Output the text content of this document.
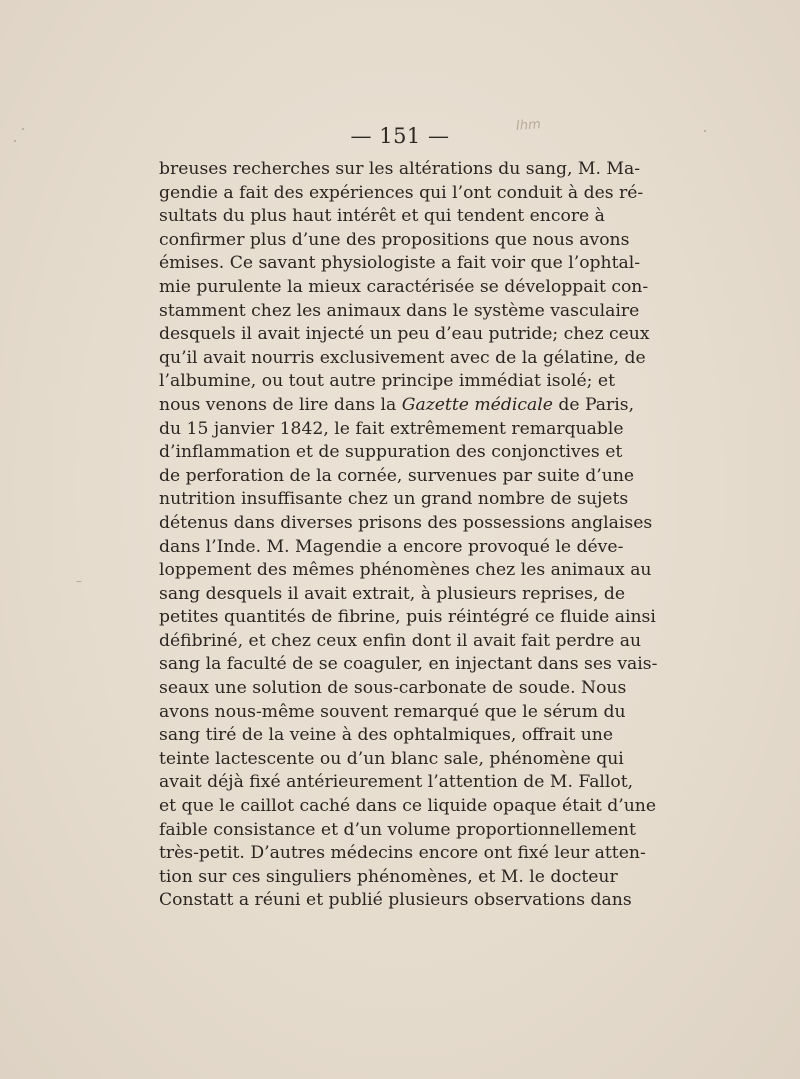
— 151 —	Ihm
breuses recherches sur les altérations du sang, M. Ma-
gendie a fait des expériences qui l’ont conduit à des ré-
sultats du plus haut intérêt et qui tendent encore à
confirmer plus d’une des propositions que nous avons
émises. Ce savant physiologiste a fait voir que l’ophtal-
mie purulente la mieux caractérisée se développait con-
stamment chez les animaux dans le système vasculaire
desquels il avait injecté un peu d’eau putride; chez ceux
qu’il avait nourris exclusivement avec de la gélatine, de
l’albumine, ou tout autre principe immédiat isolé; et
nous venons de lire dans la Gazette médicale de Paris,
du 15 janvier 1842, le fait extrêmement remarquable
d’inflammation et de suppuration des conjonctives et
de perforation de la cornée, survenues par suite d’une
nutrition insuffisante chez un grand nombre de sujets
détenus dans diverses prisons des possessions anglaises
dans l’Inde. M. Magendie a encore provoqué le déve-
loppement des mêmes phénomènes chez les animaux au
sang desquels il avait extrait, à plusieurs reprises, de
petites quantités de fibrine, puis réintégré ce fluide ainsi
défibriné, et chez ceux enfin dont il avait fait perdre au
sang la faculté de se coaguler, en injectant dans ses vais-
seaux une solution de sous-carbonate de soude. Nous
avons nous-même souvent remarqué que le sérum du
sang tiré de la veine à des ophtalmiques, offrait une
teinte lactescente ou d’un blanc sale, phénomène qui
avait déjà fixé antérieurement l’attention de M. Fallot,
et que le caillot caché dans ce liquide opaque était d’une
faible consistance et d’un volume proportionnellement
très-petit. D’autres médecins encore ont fixé leur atten-
tion sur ces singuliers phénomènes, et M. le docteur
Constatt a réuni et publié plusieurs observations dans
